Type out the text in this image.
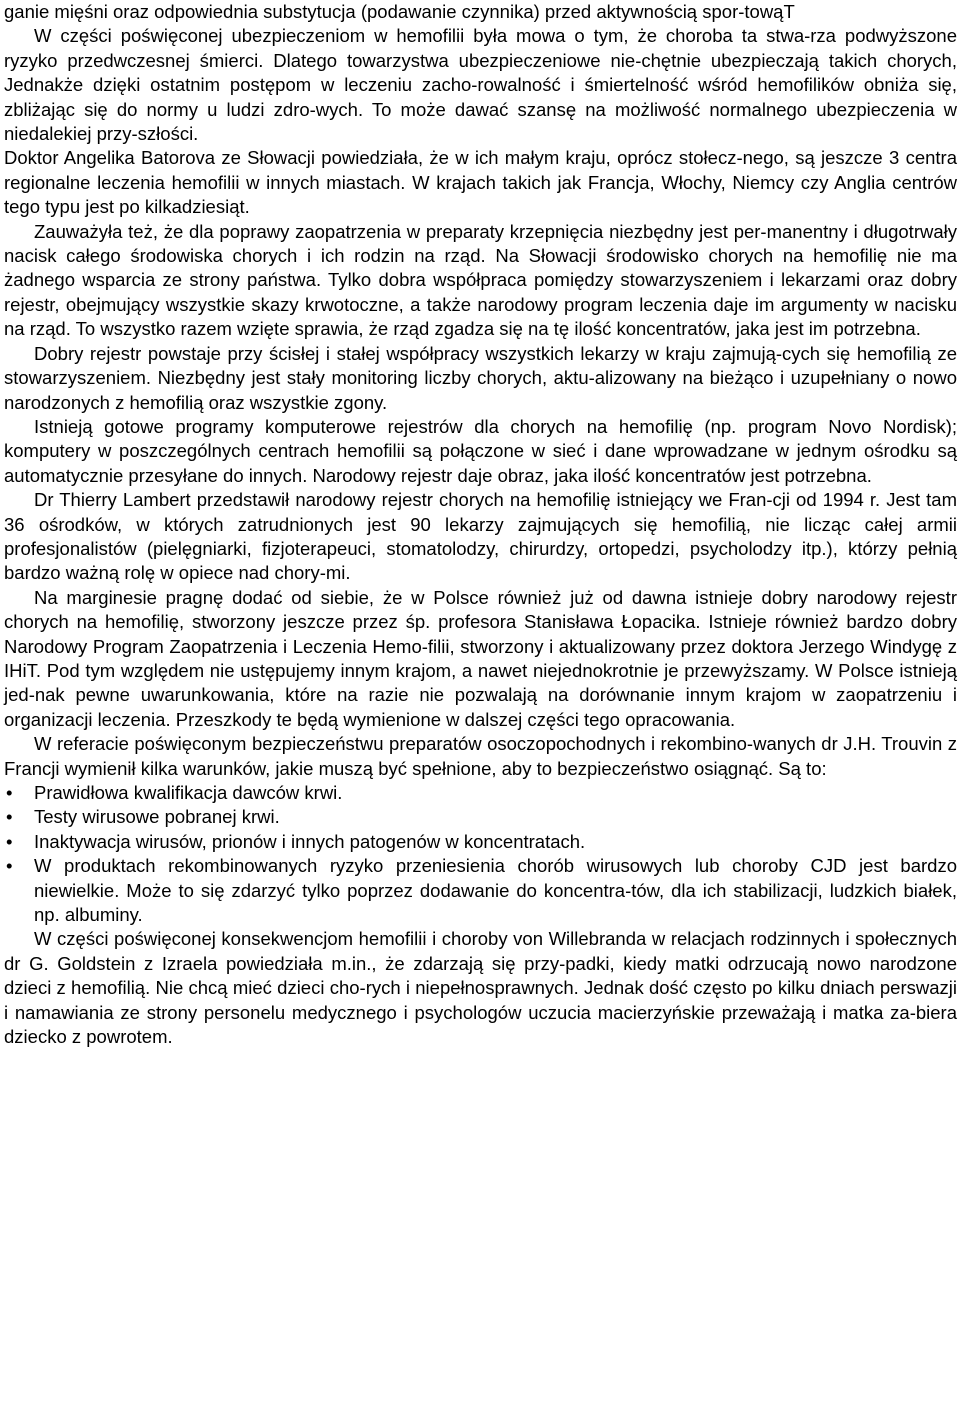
ganie mięśni oraz odpowiednia substytucja (podawanie czynnika) przed aktywnością spor-towąT

W części poświęconej ubezpieczeniom w hemofilii była mowa o tym, że choroba ta stwa-rza podwyższone ryzyko przedwczesnej śmierci. Dlatego towarzystwa ubezpieczeniowe nie-chętnie ubezpieczają takich chorych, Jednakże dzięki ostatnim postępom w leczeniu zacho-rowalność i śmiertelność wśród hemofilików obniża się, zbliżając się do normy u ludzi zdro-wych. To może dawać szansę na możliwość normalnego ubezpieczenia w niedalekiej przy-szłości.

Doktor Angelika Batorova ze Słowacji powiedziała, że w ich małym kraju, oprócz stołecz-nego, są jeszcze 3 centra regionalne leczenia hemofilii w innych miastach. W krajach takich jak Francja, Włochy, Niemcy czy Anglia centrów tego typu jest po kilkadziesiąt.

Zauważyła też, że dla poprawy zaopatrzenia w preparaty krzepnięcia niezbędny jest per-manentny i długotrwały nacisk całego środowiska chorych i ich rodzin na rząd. Na Słowacji środowisko chorych na hemofilię nie ma żadnego wsparcia ze strony państwa. Tylko dobra współpraca pomiędzy stowarzyszeniem i lekarzami oraz dobry rejestr, obejmujący wszystkie skazy krwotoczne, a także narodowy program leczenia daje im argumenty w nacisku na rząd. To wszystko razem wzięte sprawia, że rząd zgadza się na tę ilość koncentratów, jaka jest im potrzebna.

Dobry rejestr powstaje przy ścisłej i stałej współpracy wszystkich lekarzy w kraju zajmują-cych się hemofilią ze stowarzyszeniem. Niezbędny jest stały monitoring liczby chorych, aktu-alizowany na bieżąco i uzupełniany o nowo narodzonych z hemofilią oraz wszystkie zgony.

Istnieją gotowe programy komputerowe rejestrów dla chorych na hemofilię (np. program Novo Nordisk); komputery w poszczególnych centrach hemofilii są połączone w sieć i dane wprowadzane w jednym ośrodku są automatycznie przesyłane do innych. Narodowy rejestr daje obraz, jaka ilość koncentratów jest potrzebna.

Dr Thierry Lambert przedstawił narodowy rejestr chorych na hemofilię istniejący we Fran-cji od 1994 r. Jest tam 36 ośrodków, w których zatrudnionych jest 90 lekarzy zajmujących się hemofilią, nie licząc całej armii profesjonalistów (pielęgniarki, fizjoterapeuci, stomatolodzy, chirurdzy, ortopedzi, psycholodzy itp.), którzy pełnią bardzo ważną rolę w opiece nad chory-mi.

Na marginesie pragnę dodać od siebie, że w Polsce również już od dawna istnieje dobry narodowy rejestr chorych na hemofilię, stworzony jeszcze przez śp. profesora Stanisława Łopacika. Istnieje również bardzo dobry Narodowy Program Zaopatrzenia i Leczenia Hemo-filii, stworzony i aktualizowany przez doktora Jerzego Windygę z IHiT. Pod tym względem nie ustępujemy innym krajom, a nawet niejednokrotnie je przewyższamy. W Polsce istnieją jed-nak pewne uwarunkowania, które na razie nie pozwalają na dorównanie innym krajom w zaopatrzeniu i organizacji leczenia. Przeszkody te będą wymienione w dalszej części tego opracowania.

W referacie poświęconym bezpieczeństwu preparatów osoczopochodnych i rekombino-wanych dr J.H. Trouvin z Francji wymienił kilka warunków, jakie muszą być spełnione, aby to bezpieczeństwo osiągnąć. Są to:

• Prawidłowa kwalifikacja dawców krwi.
• Testy wirusowe pobranej krwi.
• Inaktywacja wirusów, prionów i innych patogenów w koncentratach.
• W produktach rekombinowanych ryzyko przeniesienia chorób wirusowych lub choroby CJD jest bardzo niewielkie. Może to się zdarzyć tylko poprzez dodawanie do koncentra-tów, dla ich stabilizacji, ludzkich białek, np. albuminy.

W części poświęconej konsekwencjom hemofilii i choroby von Willebranda w relacjach rodzinnych i społecznych dr G. Goldstein z Izraela powiedziała m.in., że zdarzają się przy-padki, kiedy matki odrzucają nowo narodzone dzieci z hemofilią. Nie chcą mieć dzieci cho-rych i niepełnosprawnych. Jednak dość często po kilku dniach perswazji i namawiania ze strony personelu medycznego i psychologów uczucia macierzyńskie przeważają i matka za-biera dziecko z powrotem.
